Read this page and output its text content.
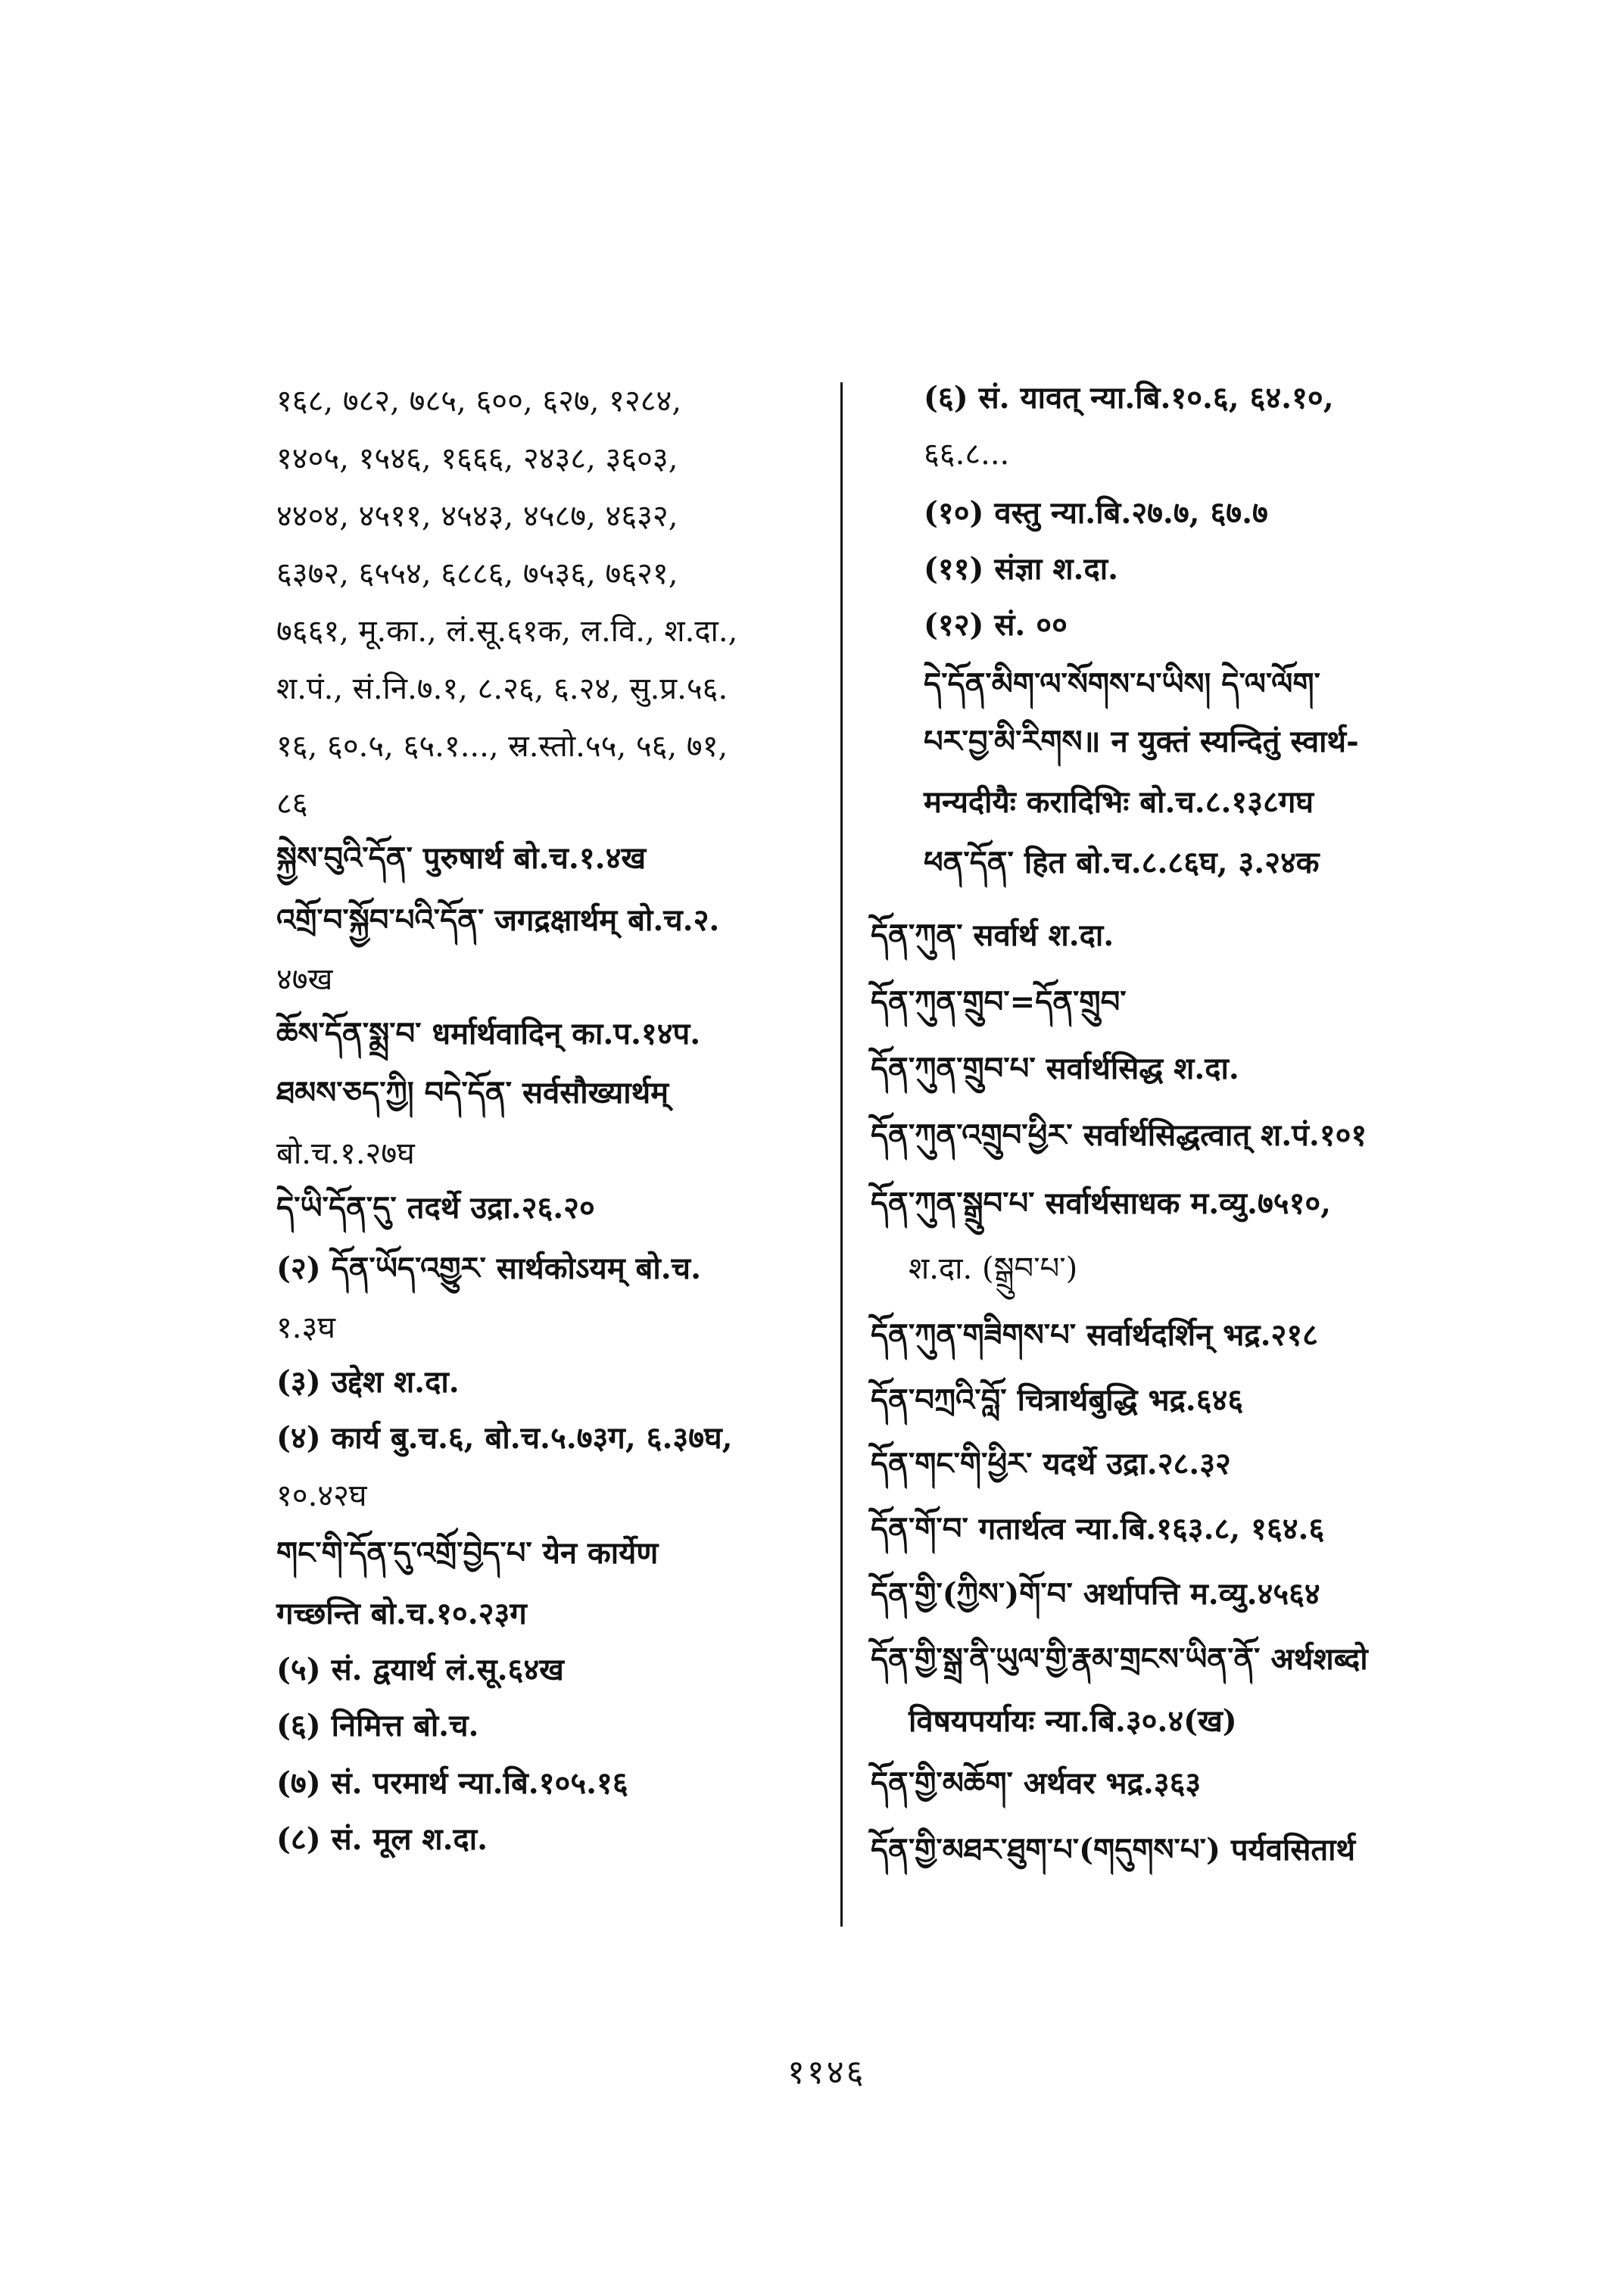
१६८, ७८२, ७८५, ६००, ६२७, १२८४,
१४०५, १५४६, १६६६, २४३८, ३६०३,
४४०४, ४५११, ४५४३, ४५८७, ४६३२,
६३७२, ६५५४, ६८८६, ७५३६, ७६२१,
७६६१, मू.का., लं.सू.६१क, ल.वि., श.दा.,
श.पं., सं.नि.७.१, ८.२६, ६.२४, सु.प्र.५६.
१६, ६०.५, ६५.१..., स्र.स्तो.५५, ५६, ७१,
८६
སྐྱེས་བུའི་དོན་ पुरुषार्थ बो.च.१.४ख
འགྲོ་བ་སྐྱོབ་པའི་དོན་ जगद्रक्षार्थम् बो.च.२.
४७ख
ཆོས་དོན་སྨྲ་བ་ धर्मार्थवादिन् का.प.१४प.
ཐམས་ཅད་ཀྱི། བདེ་དོན་ सर्वसौख्यार्थम्
बो.च.१.२७घ
དེ་ཡི་དོན་དུ་ तदर्थे उद्रा.२६.२०
(२) དོན་ཡོད་འགྱུར་ सार्थकोऽयम् बो.च.
१.३घ
(३) उद्देश श.दा.
(४) कार्य बु.च.६, बो.च.५.७३ग, ६.३७घ,
१०.४२घ
གང་གི་དོན་དུ་འགྲོ་བྱེད་པ་ येन कार्येण
गच्छन्ति बो.च.१०.२३ग
(५) सं. द्वयार्थ लं.सू.६४ख
(६) निमित्त बो.च.
(७) सं. परमार्थ न्या.बि.१०५.१६
(८) सं. मूल श.दा.
(६) सं. यावत् न्या.बि.१०.६, ६४.१०,
६६.८...
(१०) वस्तु न्या.बि.२७.७, ६७.७
(११) संज्ञा श.दा.
(१२) सं. ००
དེ་དོན་མིག་ལ་སོགས་པ་ཡིས། དེ་ལ་ལོག་
པར་བྱ་མི་རིགས॥ न युक्तं स्यन्दितुं स्वार्थ-
मन्यदीयैः करादिभिः बो.च.८.१३८गघ
ཕན་དོན་ हित बो.च.८.८६घ, ३.२४क
དོན་ཀུན་ सर्वार्थ श.दा.
དོན་ཀུན་གྲུབ་=དོན་གྲུབ་
དོན་ཀུན་གྲུབ་པ་ सर्वार्थसिद्ध श.दा.
དོན་ཀུན་འགྲུབ་ཕྱིར་ सर्वार्थसिद्धत्वात् श.पं.१०१
དོན་ཀུན་སྒྲུབ་པ་ सर्वार्थसाधक म.व्यु.७५१०,
श.दा. (སྒྲུབ་པ་)
དོན་ཀུན་གཟིགས་པ་ सर्वार्थदर्शिन् भद्र.२१८
དོན་བཀྲའི་བློ་ चित्रार्थबुद्धि भद्र.६४६
དོན་གང་གི་ཕྱིར་ यदर्थे उद्रा.२८.३२
དོན་གོ་བ་ गतार्थत्व न्या.बि.१६३.८, १६४.६
དོན་གྱི་(ཀྱིས་)གོ་བ་ अर्थापत्ति म.व्यु.४५६४
དོན་གྱི་སྒྲ་ནི་ཡུལ་གྱི་རྣམ་གྲངས་ཡིན་ནོ་ अर्थशब्दो
विषयपर्यायः न्या.बि.३०.४(ख)
དོན་གྱི་མཆོག་ अर्थवर भद्र.३६३
དོན་གྱི་མཐར་ཐུག་པ་(གདུགས་པ་) पर्यवसितार्थ
११४६
